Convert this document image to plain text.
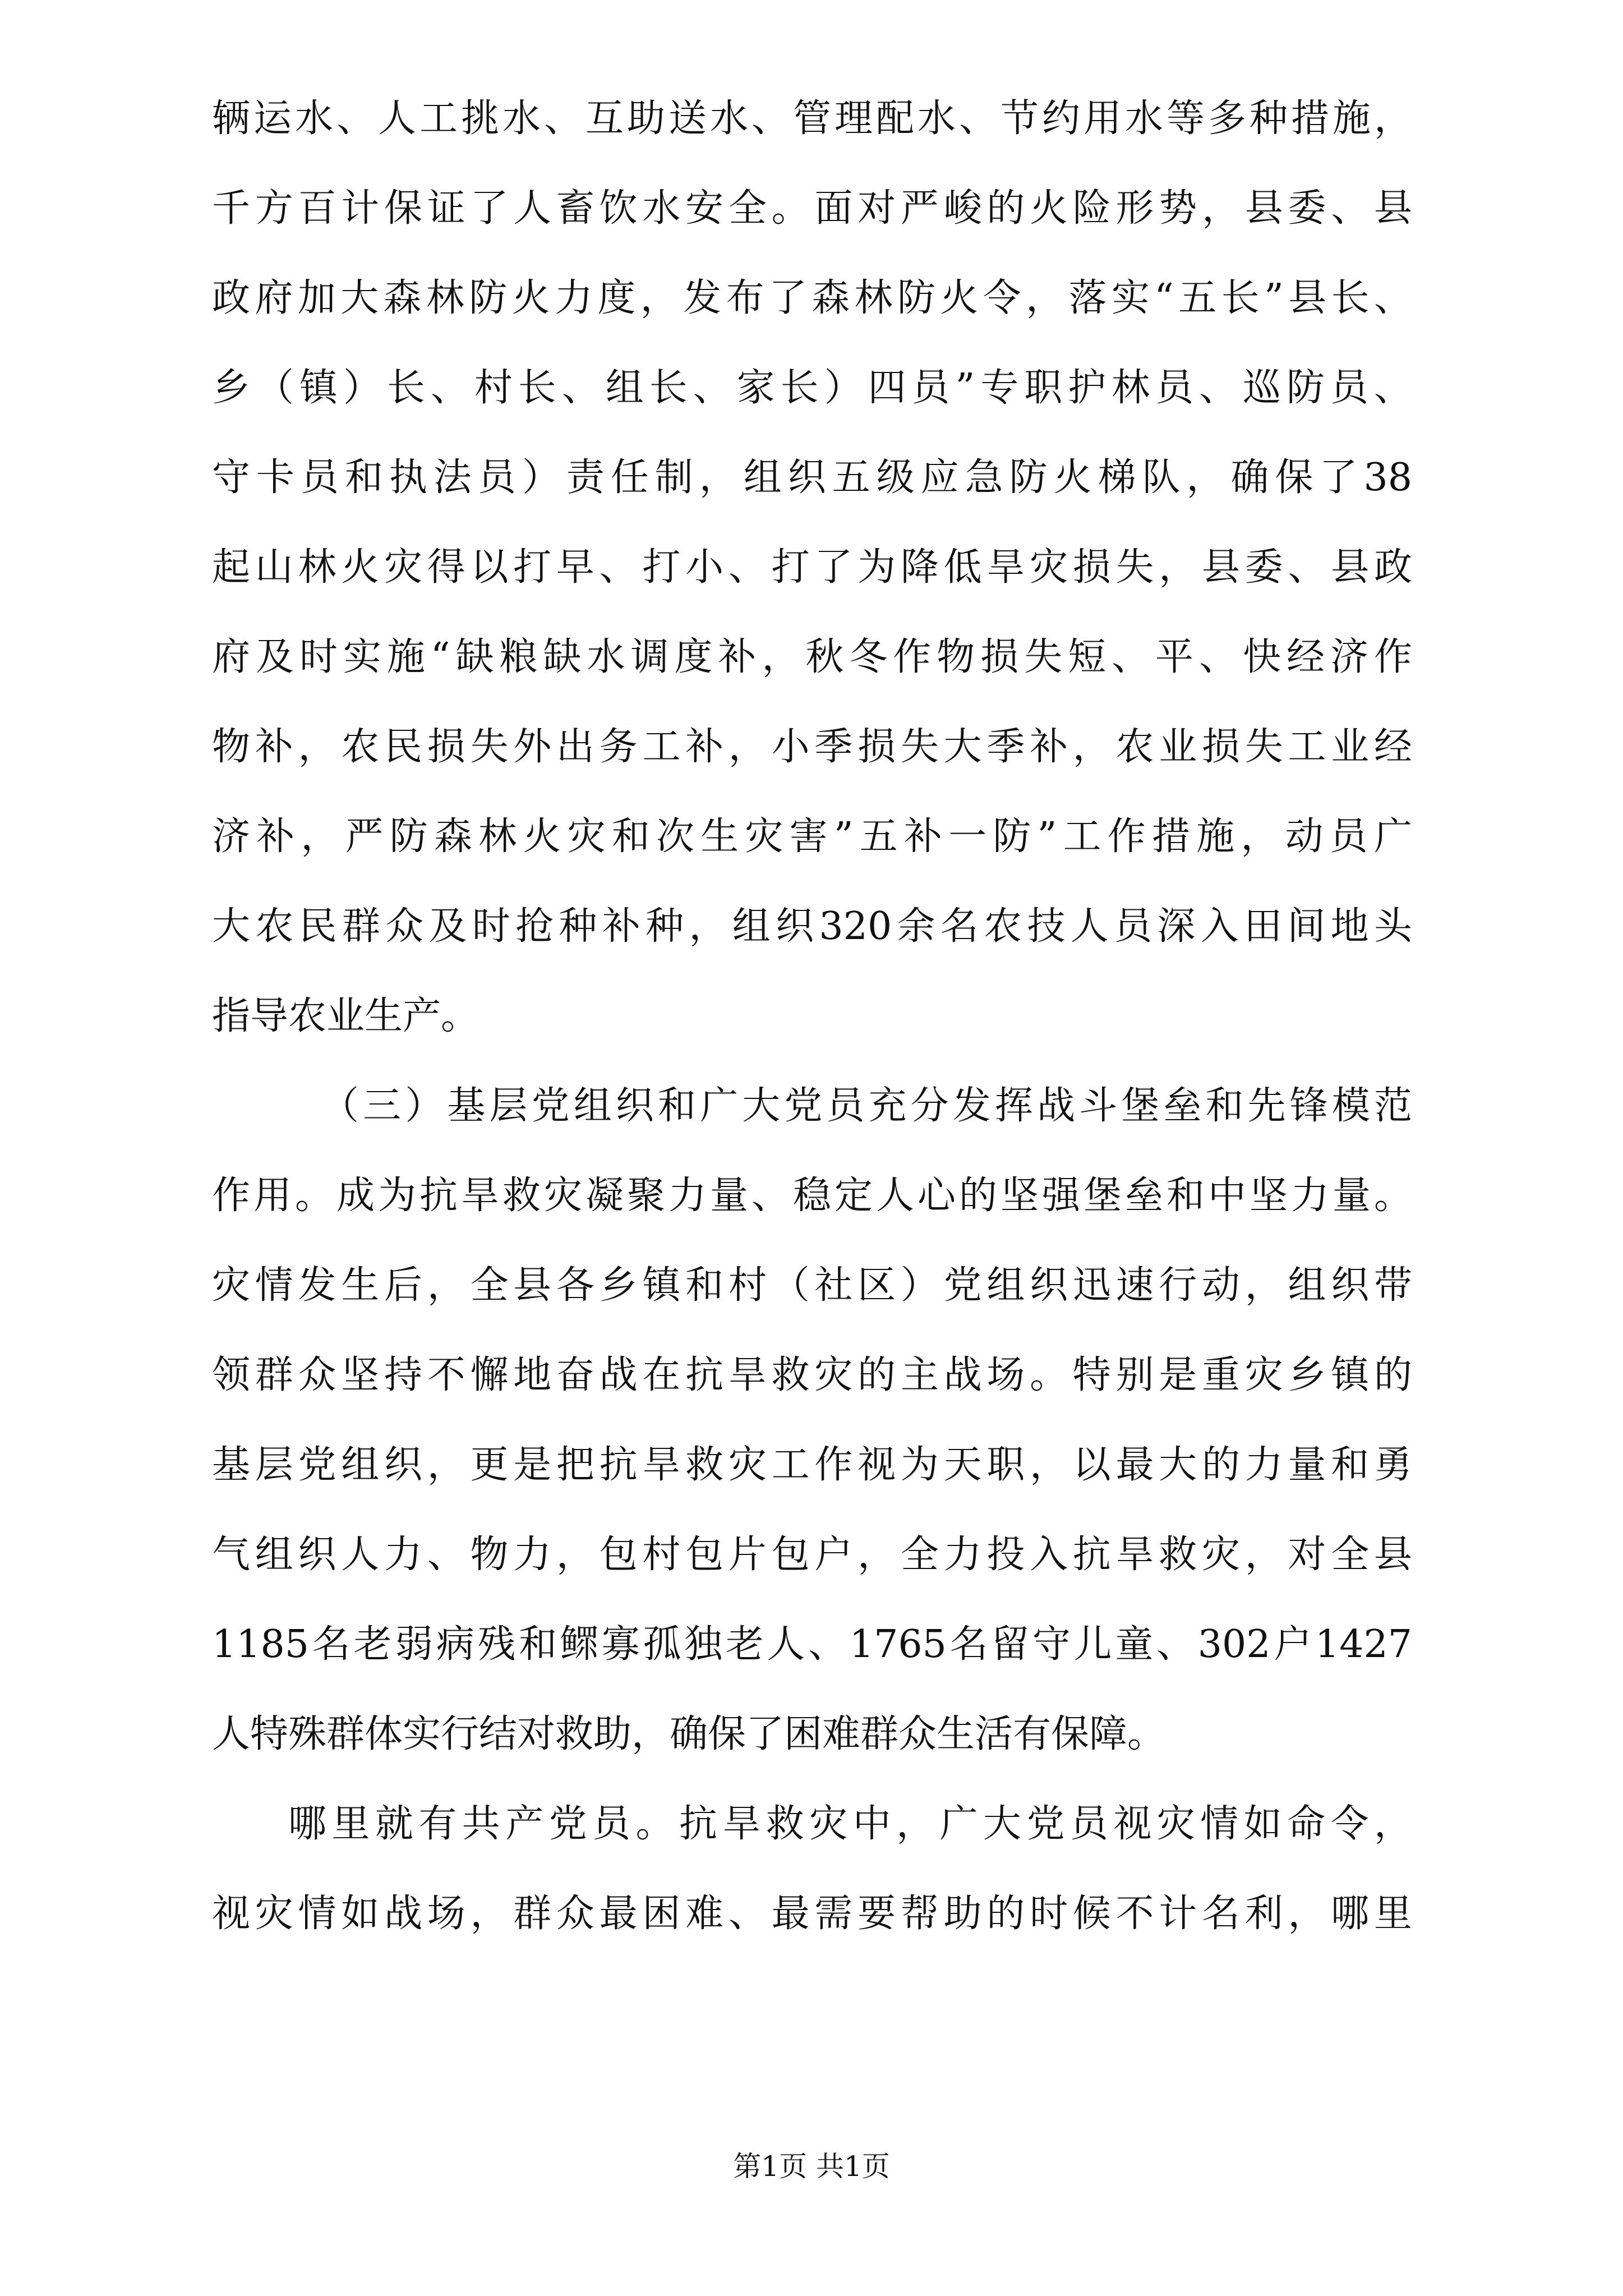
辆运水、人工挑水、互助送水、管理配水、节约用水等多种措施，
千方百计保证了人畜饮水安全。面对严峻的火险形势，县委、县
政府加大森林防火力度，发布了森林防火令，落实“五长”县长、
乡（镇）长、村长、组长、家长）四员”专职护林员、巡防员、
守卡员和执法员）责任制，组织五级应急防火梯队，确保了38
起山林火灾得以打早、打小、打了为降低旱灾损失，县委、县政
府及时实施“缺粮缺水调度补，秋冬作物损失短、平、快经济作
物补，农民损失外出务工补，小季损失大季补，农业损失工业经
济补，严防森林火灾和次生灾害”五补一防”工作措施，动员广
大农民群众及时抢种补种，组织320余名农技人员深入田间地头
指导农业生产。
（三）基层党组织和广大党员充分发挥战斗堡垒和先锋模范
作用。成为抗旱救灾凝聚力量、稳定人心的坚强堡垒和中坚力量。
灾情发生后，全县各乡镇和村（社区）党组织迅速行动，组织带
领群众坚持不懈地奋战在抗旱救灾的主战场。特别是重灾乡镇的
基层党组织，更是把抗旱救灾工作视为天职，以最大的力量和勇
气组织人力、物力，包村包片包户，全力投入抗旱救灾，对全县
1185名老弱病残和鳏寡孤独老人、1765名留守儿童、302户1427
人特殊群体实行结对救助，确保了困难群众生活有保障。
哪里就有共产党员。抗旱救灾中，广大党员视灾情如命令，
视灾情如战场，群众最困难、最需要帮助的时候不计名利，哪里
第1页 共1页
